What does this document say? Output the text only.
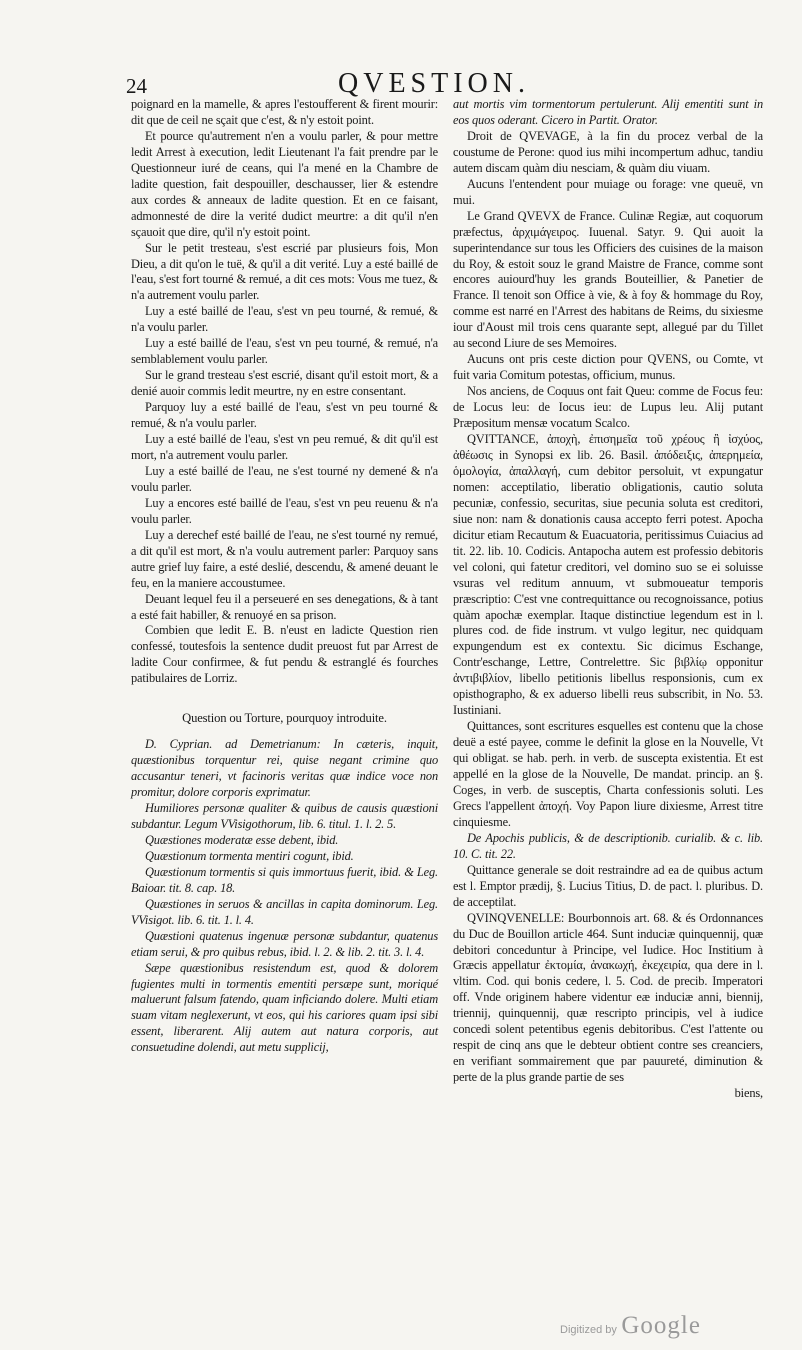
24	QVESTION.

poignard en la mamelle, & apres l'estoufferent & firent mourir: dit que de ceil ne sçait que c'est, & n'y estoit point.

Et pource qu'autrement n'en a voulu parler, & pour mettre ledit Arrest à execution, ledit Lieutenant l'a fait prendre par le Questionneur iuré de ceans, qui l'a mené en la Chambre de ladite question, fait despouiller, deschausser, lier & estendre aux cordes & anneaux de ladite question. Et en ce faisant, admonnesté de dire la verité dudict meurtre: a dit qu'il n'en sçauoit que dire, qu'il n'y estoit point.

Sur le petit tresteau, s'est escrié par plusieurs fois, Mon Dieu, a dit qu'on le tuë, & qu'il a dit verité. Luy a esté baillé de l'eau, s'est fort tourné & remué, a dit ces mots: Vous me tuez, & n'a autrement voulu parler.

Luy a esté baillé de l'eau, s'est vn peu tourné, & remué, & n'a voulu parler.

Luy a esté baillé de l'eau, s'est vn peu tourné, & remué, n'a semblablement voulu parler.

Sur le grand tresteau s'est escrié, disant qu'il estoit mort, & a denié auoir commis ledit meurtre, ny en estre consentant.

Parquoy luy a esté baillé de l'eau, s'est vn peu tourné & remué, & n'a voulu parler.

Luy a esté baillé de l'eau, s'est vn peu remué, & dit qu'il est mort, n'a autrement voulu parler.

Luy a esté baillé de l'eau, ne s'est tourné ny demené & n'a voulu parler.

Luy a encores esté baillé de l'eau, s'est vn peu reuenu & n'a voulu parler.

Luy a derechef esté baillé de l'eau, ne s'est tourné ny remué, a dit qu'il est mort, & n'a voulu autrement parler: Parquoy sans autre grief luy faire, a esté deslié, descendu, & amené deuant le feu, en la maniere accoustumee.

Deuant lequel feu il a perseueré en ses denegations, & à tant a esté fait habiller, & renuoyé en sa prison.

Combien que ledit E. B. n'eust en ladicte Question rien confessé, toutesfois la sentence dudit preuost fut par Arrest de ladite Cour confirmee, & fut pendu & estranglé és fourches patibulaires de Lorriz.

Question ou Torture, pourquoy introduite.

D. Cyprian. ad Demetrianum: In cæteris, inquit, quæstionibus torquentur rei, quise negant crimine quo accusantur teneri, vt facinoris veritas quæ indice voce non promitur, dolore corporis exprimatur.

Humiliores personæ qualiter & quibus de causis quæstioni subdantur. Legum VVisigothorum, lib. 6. titul. 1. l. 2. 5.

Quæstiones moderatæ esse debent, ibid.

Quæstionum tormenta mentiri cogunt, ibid.

Quæstionum tormentis si quis immortuus fuerit, ibid. & Leg. Baioar. tit. 8. cap. 18.

Quæstiones in seruos & ancillas in capita dominorum. Leg. VVisigot. lib. 6. tit. 1. l. 4.

Quæstioni quatenus ingenuæ personæ subdantur, quatenus etiam serui, & pro quibus rebus, ibid. l. 2. & lib. 2. tit. 3. l. 4.

Sæpe quæstionibus resistendum est, quod & dolorem fugientes multi in tormentis ementiti persæpe sunt, moriqué maluerunt falsum fatendo, quam inficiando dolere. Multi etiam suam vitam neglexerunt, vt eos, qui his cariores quam ipsi sibi essent, liberarent. Alij autem aut natura corporis, aut consuetudine dolendi, aut metu supplicij,

aut mortis vim tormentorum pertulerunt. Alij ementiti sunt in eos quos oderant. Cicero in Partit. Orator.

Droit de QVEVAGE, à la fin du procez verbal de la coustume de Perone: quod ius mihi incompertum adhuc, tandiu autem discam quàm diu nesciam, & quàm diu viuam.

Aucuns l'entendent pour muiage ou forage: vne queuë, vn mui.

Le Grand QVEVX de France. Culinæ Regiæ, aut coquorum præfectus, ἀρχιμάγειρος. Iuuenal. Satyr. 9. Qui auoit la superintendance sur tous les Officiers des cuisines de la maison du Roy, & estoit souz le grand Maistre de France, comme sont encores auiourd'huy les grands Bouteillier, & Panetier de France. Il tenoit son Office à vie, & à foy & hommage du Roy, comme est narré en l'Arrest des habitans de Reims, du sixiesme iour d'Aoust mil trois cens quarante sept, allegué par du Tillet au second Liure de ses Memoires.

Aucuns ont pris ceste diction pour QVENS, ou Comte, vt fuit varia Comitum potestas, officium, munus.

Nos anciens, de Coquus ont fait Queu: comme de Focus feu: de Locus leu: de Iocus ieu: de Lupus leu. Alij putant Præpositum mensæ vocatum Scalco.

QVITTANCE, ἀποχὴ, ἐπισημεῖα τοῦ χρέους ἢ ἰσχύος, ἀθέωσις in Synopsi ex lib. 26. Basil. ἀπόδειξις, ἀπερημεία, ὁμολογία, ἀπαλλαγή, cum debitor persoluit, vt expungatur nomen: acceptilatio, liberatio obligationis, cautio soluta pecuniæ, confessio, securitas, siue pecunia soluta est creditori, siue non: nam & donationis causa accepto ferri potest. Apocha dicitur etiam Recautum & Euacuatoria, peritissimus Cuiacius ad tit. 22. lib. 10. Codicis. Antapocha autem est professio debitoris vel coloni, qui fatetur creditori, vel domino suo se ei soluisse vsuras vel reditum annuum, vt submoueatur temporis præscriptio: C'est vne contrequittance ou recognoissance, potius quàm apochæ exemplar. Itaque distinctiue legendum est in l. plures cod. de fide instrum. vt vulgo legitur, nec quidquam expungendum est ex contextu. Sic dicimus Eschange, Contr'eschange, Lettre, Contrelettre. Sic βιβλίῳ opponitur ἀντιβιβλίον, libello petitionis libellus responsionis, cum ex opisthographo, & ex aduerso libelli reus subscribit, in No. 53. Iustiniani.

Quittances, sont escritures esquelles est contenu que la chose deuë a esté payee, comme le definit la glose en la Nouvelle, Vt qui obligat. se hab. perh. in verb. de suscepta existentia. Et est appellé en la glose de la Nouvelle, De mandat. princip. an §. Coges, in verb. de susceptis, Charta confessionis soluti. Les Grecs l'appellent ἀποχή. Voy Papon liure dixiesme, Arrest titre cinquiesme.

De Apochis publicis, & de descriptionib. curialib. & c. lib. 10. C. tit. 22.

Quittance generale se doit restraindre ad ea de quibus actum est l. Emptor prædij, §. Lucius Titius, D. de pact. l. pluribus. D. de acceptilat.

QVINQVENELLE: Bourbonnois art. 68. & és Ordonnances du Duc de Bouillon article 464. Sunt induciæ quinquennij, quæ debitori conceduntur à Principe, vel Iudice. Hoc Institium à Græcis appellatur ἐκτομία, ἀνακωχή, ἐκεχειρία, qua dere in l. vltim. Cod. qui bonis cedere, l. 5. Cod. de precib. Imperatori off. Vnde originem habere videntur eæ induciæ anni, biennij, triennij, quinquennij, quæ rescripto principis, vel à iudice concedi solent petentibus egenis debitoribus. C'est l'attente ou respit de cinq ans que le debteur obtient contre ses creanciers, en verifiant sommairement que par pauureté, diminution & perte de la plus grande partie de ses

biens,

Digitized by Google
